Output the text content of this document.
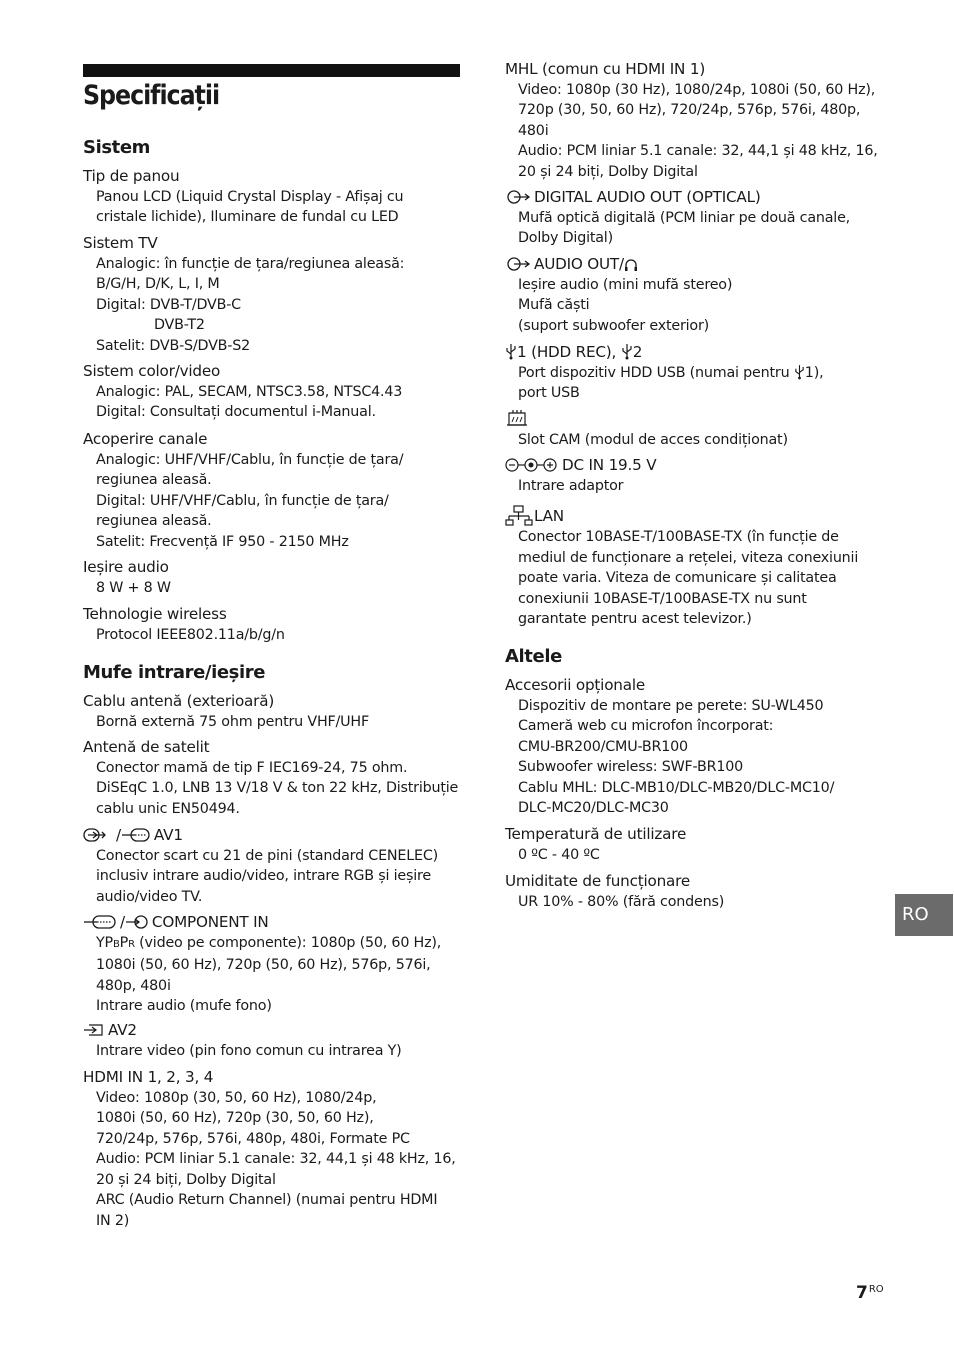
Specificații
Sistem
Tip de panou
Panou LCD (Liquid Crystal Display - Afișaj cu
cristale lichide), Iluminare de fundal cu LED
Sistem TV
Analogic: în funcție de țara/regiunea aleasă:
B/G/H, D/K, L, I, M
Digital: DVB-T/DVB-C
DVB-T2
Satelit: DVB-S/DVB-S2
Sistem color/video
Analogic: PAL, SECAM, NTSC3.58, NTSC4.43
Digital: Consultați documentul i-Manual.
Acoperire canale
Analogic: UHF/VHF/Cablu, în funcție de țara/
regiunea aleasă.
Digital: UHF/VHF/Cablu, în funcție de țara/
regiunea aleasă.
Satelit: Frecvență IF 950 - 2150 MHz
Ieșire audio
8 W + 8 W
Tehnologie wireless
Protocol IEEE802.11a/b/g/n
Mufe intrare/ieșire
Cablu antenă (exterioară)
Bornă externă 75 ohm pentru VHF/UHF
Antenă de satelit
Conector mamă de tip F IEC169-24, 75 ohm.
DiSEqC 1.0, LNB 13 V/18 V & ton 22 kHz, Distribuție
cablu unic EN50494.
/ AV1
Conector scart cu 21 de pini (standard CENELEC)
inclusiv intrare audio/video, intrare RGB și ieșire
audio/video TV.
/ COMPONENT IN
YPBPR (video pe componente): 1080p (50, 60 Hz),
1080i (50, 60 Hz), 720p (50, 60 Hz), 576p, 576i,
480p, 480i
Intrare audio (mufe fono)
AV2
Intrare video (pin fono comun cu intrarea Y)
HDMI IN 1, 2, 3, 4
Video: 1080p (30, 50, 60 Hz), 1080/24p,
1080i (50, 60 Hz), 720p (30, 50, 60 Hz),
720/24p, 576p, 576i, 480p, 480i, Formate PC
Audio: PCM liniar 5.1 canale: 32, 44,1 și 48 kHz, 16,
20 și 24 biți, Dolby Digital
ARC (Audio Return Channel) (numai pentru HDMI
IN 2)
MHL (comun cu HDMI IN 1)
Video: 1080p (30 Hz), 1080/24p, 1080i (50, 60 Hz),
720p (30, 50, 60 Hz), 720/24p, 576p, 576i, 480p,
480i
Audio: PCM liniar 5.1 canale: 32, 44,1 și 48 kHz, 16,
20 și 24 biți, Dolby Digital
DIGITAL AUDIO OUT (OPTICAL)
Mufă optică digitală (PCM liniar pe două canale,
Dolby Digital)
AUDIO OUT/
Ieșire audio (mini mufă stereo)
Mufă căști
(suport subwoofer exterior)
1 (HDD REC), 2
Port dispozitiv HDD USB (numai pentru 1),
port USB
Slot CAM (modul de acces condiționat)
DC IN 19.5 V
Intrare adaptor
LAN
Conector 10BASE-T/100BASE-TX (în funcție de
mediul de funcționare a rețelei, viteza conexiunii
poate varia. Viteza de comunicare și calitatea
conexiunii 10BASE-T/100BASE-TX nu sunt
garantate pentru acest televizor.)
Altele
Accesorii opționale
Dispozitiv de montare pe perete: SU-WL450
Cameră web cu microfon încorporat:
CMU-BR200/CMU-BR100
Subwoofer wireless: SWF-BR100
Cablu MHL: DLC-MB10/DLC-MB20/DLC-MC10/
DLC-MC20/DLC-MC30
Temperatură de utilizare
0 ºC - 40 ºC
Umiditate de funcționare
UR 10% - 80% (fără condens)
RO
$7^{RO}$
